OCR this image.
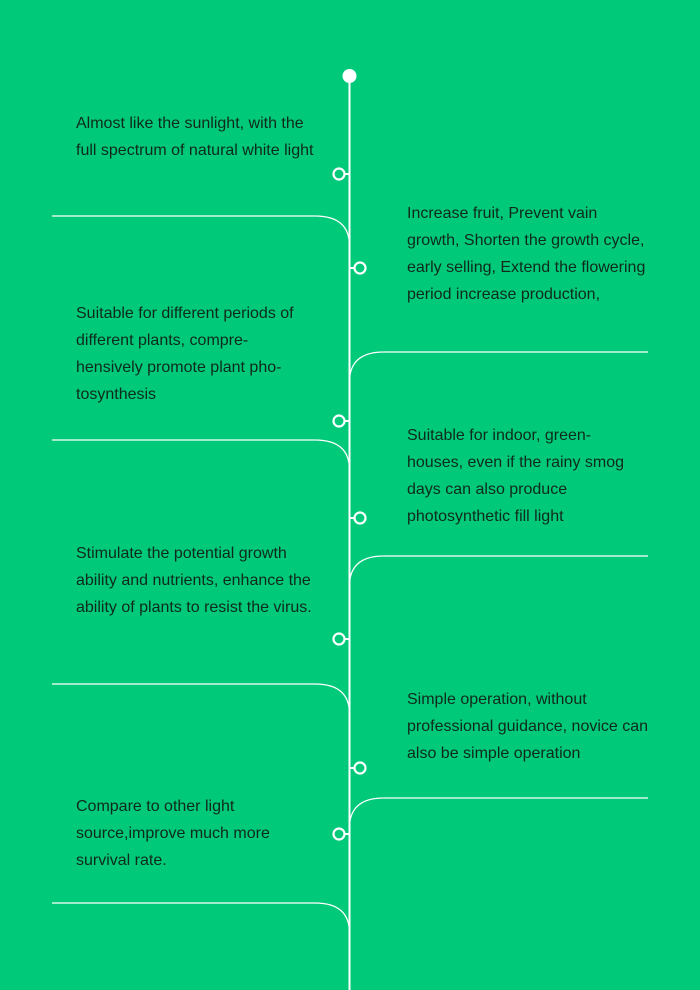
Almost like the sunlight, with the full spectrum of natural white light

Increase fruit, Prevent vain growth, Shorten the growth cycle, early selling, Extend the flowering period increase production,

Suitable for different periods of different plants, compre-hensively promote plant pho-tosynthesis

Suitable for indoor, green-houses, even if the rainy smog days can also produce photosynthetic fill light

Stimulate the potential growth ability and nutrients, enhance the ability of plants to resist the virus.

Simple operation, without professional guidance, novice can also be simple operation

Compare to other light source,improve much more survival rate.
